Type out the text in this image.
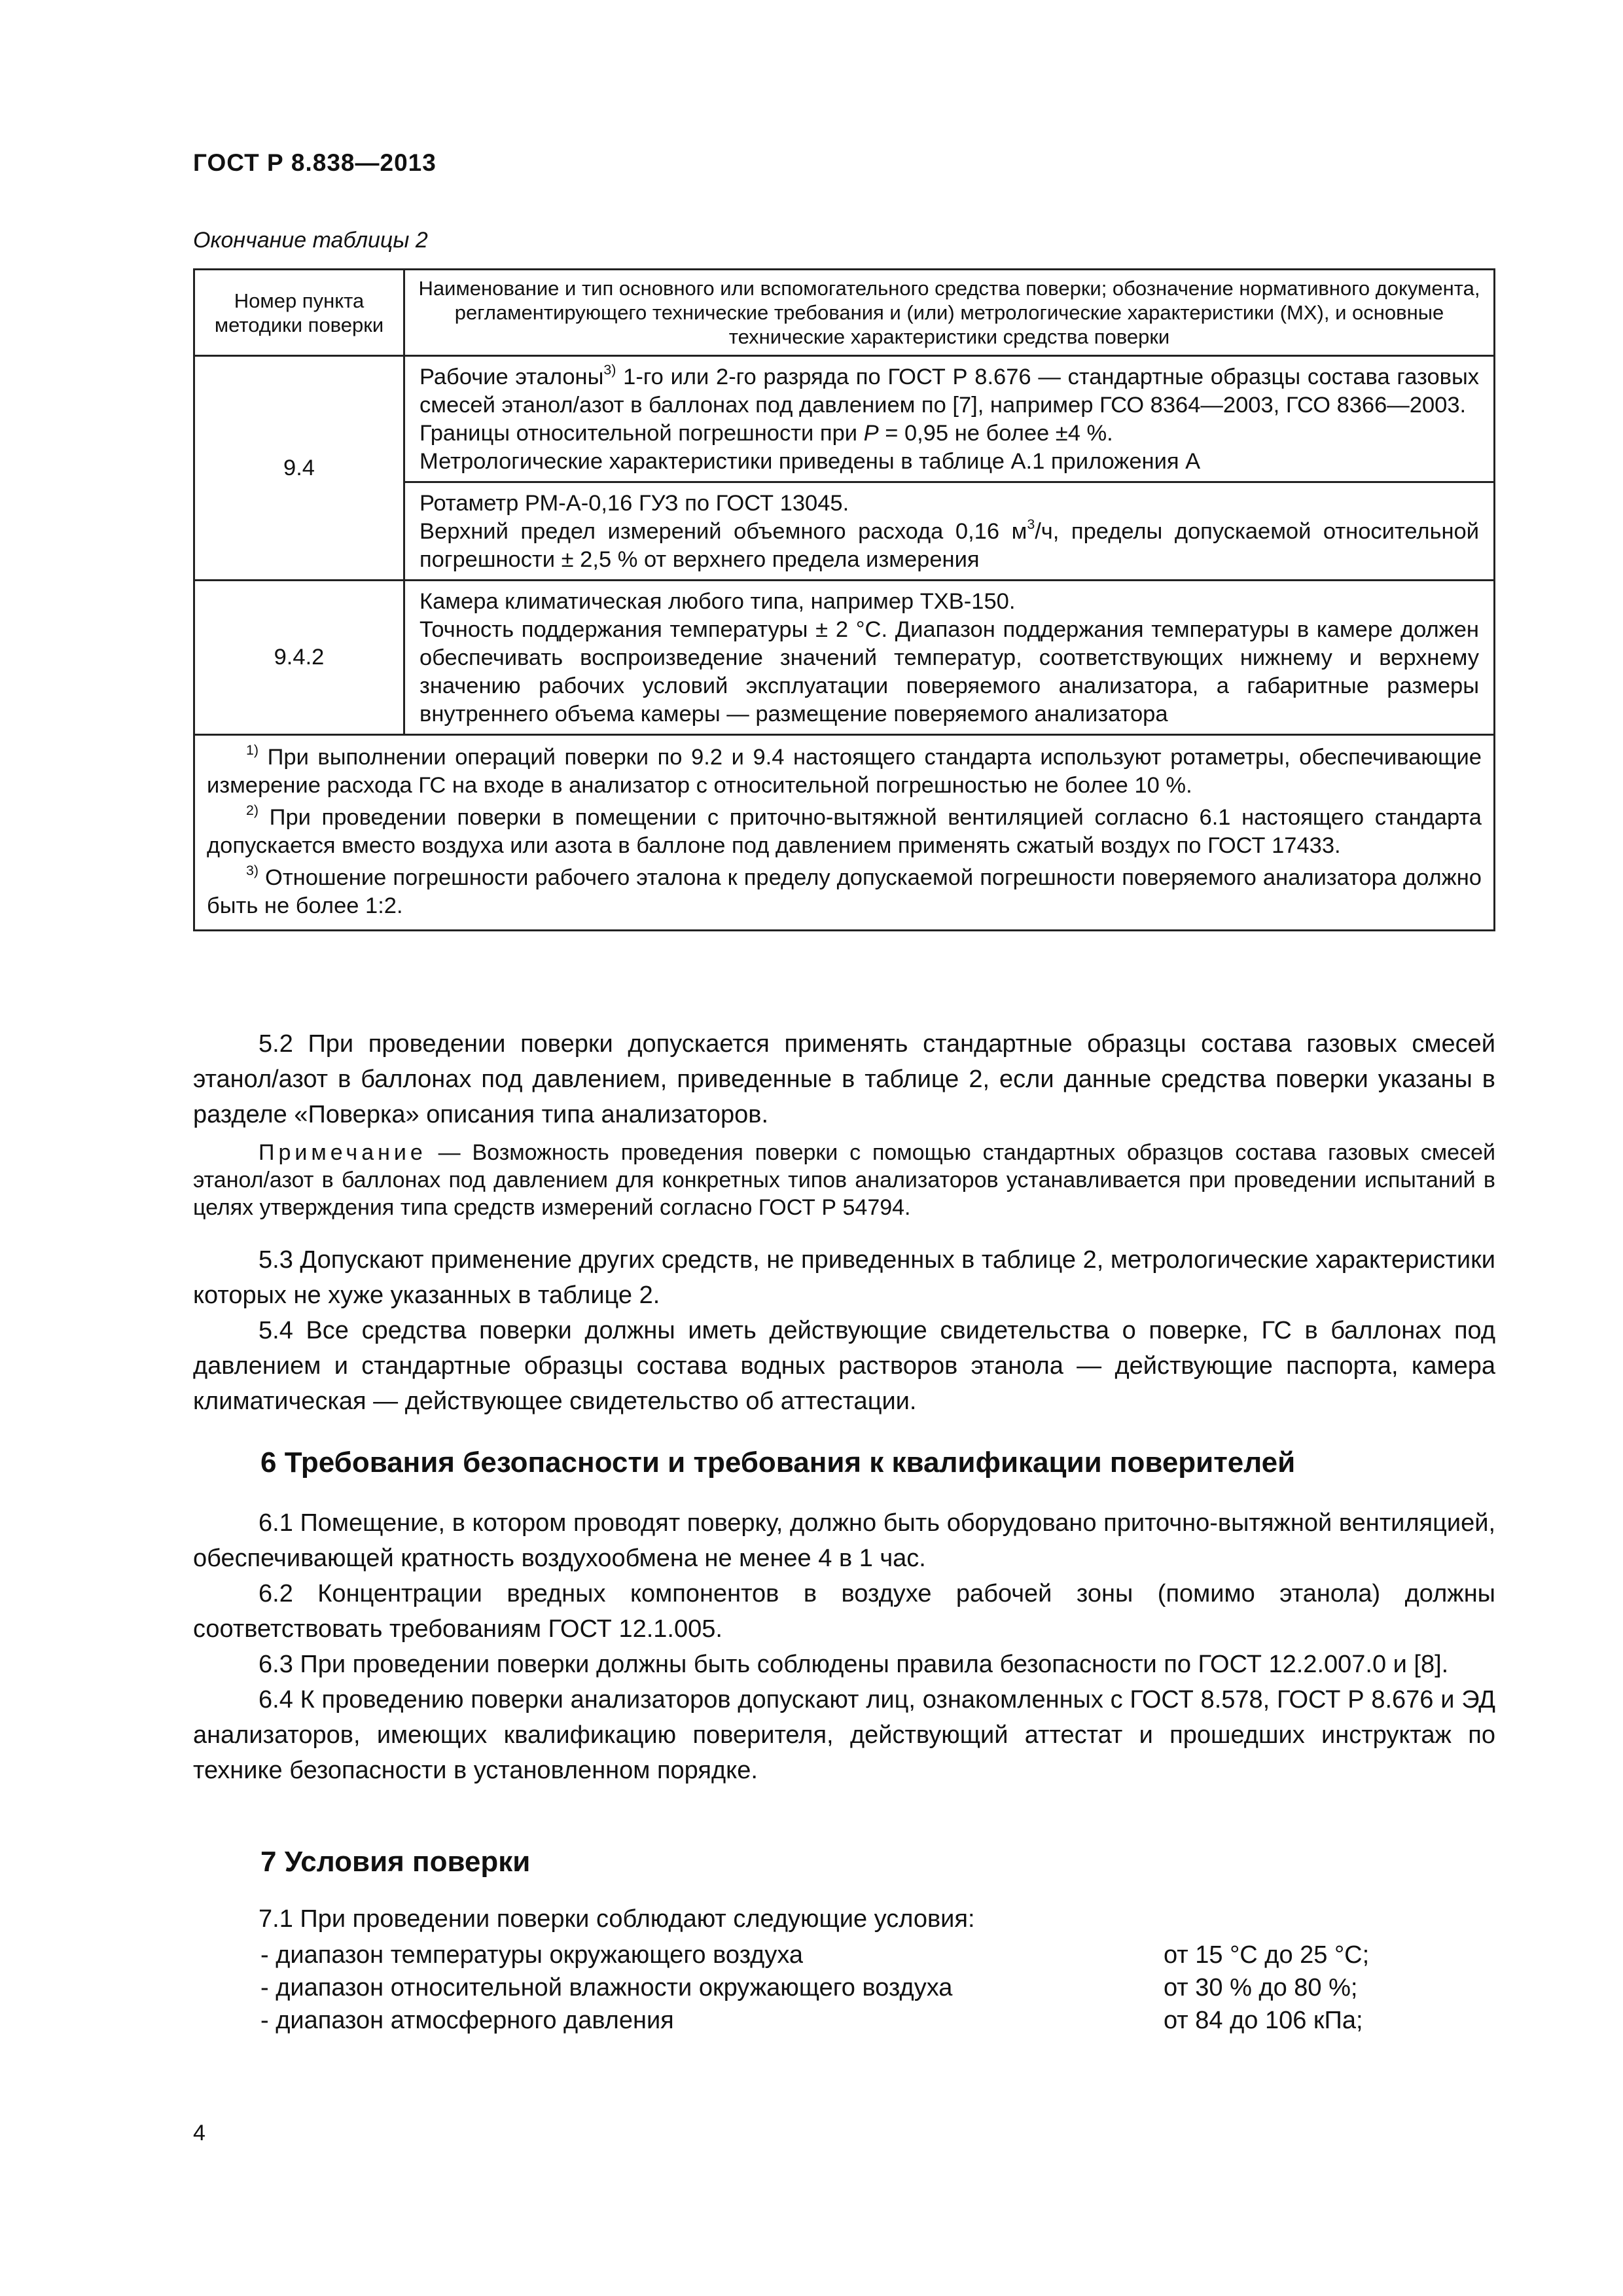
ГОСТ Р 8.838—2013
Окончание таблицы 2
Номер пункта методики поверки	Наименование и тип основного или вспомогательного средства поверки; обозначение нормативного документа, регламентирующего технические требования и (или) метрологические характеристики (МХ), и основные технические характеристики средства поверки
9.4	Рабочие эталоны$^{3)}$ 1-го или 2-го разряда по ГОСТ Р 8.676 — стандартные образцы состава газовых смесей этанол/азот в баллонах под давлением по [7], например ГСО 8364—2003, ГСО 8366—2003.
Границы относительной погрешности при P = 0,95 не более ±4 %.
Метрологические характеристики приведены в таблице А.1 приложения А

	Ротаметр РМ-А-0,16 ГУЗ по ГОСТ 13045.
Верхний предел измерений объемного расхода 0,16 $м^3/ч$, пределы допускаемой относительной погрешности ± 2,5 % от верхнего предела измерения

9.4.2	Камера климатическая любого типа, например ТХВ-150.
Точность поддержания температуры ± 2 °С. Диапазон поддержания температуры в камере должен обеспечивать воспроизведение значений температур, соответствующих нижнему и верхнему значению рабочих условий эксплуатации поверяемого анализатора, а габаритные размеры внутреннего объема камеры — размещение поверяемого анализатора

$^{1)}$ При выполнении операций поверки по 9.2 и 9.4 настоящего стандарта используют ротаметры, обеспечивающие измерение расхода ГС на входе в анализатор с относительной погрешностью не более 10 %.
$^{2)}$ При проведении поверки в помещении с приточно-вытяжной вентиляцией согласно 6.1 настоящего стандарта допускается вместо воздуха или азота в баллоне под давлением применять сжатый воздух по ГОСТ 17433.
$^{3)}$ Отношение погрешности рабочего эталона к пределу допускаемой погрешности поверяемого анализатора должно быть не более 1:2.	

5.2 При проведении поверки допускается применять стандартные образцы состава газовых смесей этанол/азот в баллонах под давлением, приведенные в таблице 2, если данные средства поверки указаны в разделе «Поверка» описания типа анализаторов.

Примечание — Возможность проведения поверки с помощью стандартных образцов состава газовых смесей этанол/азот в баллонах под давлением для конкретных типов анализаторов устанавливается при проведении испытаний в целях утверждения типа средств измерений согласно ГОСТ Р 54794.

5.3 Допускают применение других средств, не приведенных в таблице 2, метрологические характеристики которых не хуже указанных в таблице 2.

5.4 Все средства поверки должны иметь действующие свидетельства о поверке, ГС в баллонах под давлением и стандартные образцы состава водных растворов этанола — действующие паспорта, камера климатическая — действующее свидетельство об аттестации.

6 Требования безопасности и требования к квалификации поверителей

6.1 Помещение, в котором проводят поверку, должно быть оборудовано приточно-вытяжной вентиляцией, обеспечивающей кратность воздухообмена не менее 4 в 1 час.

6.2 Концентрации вредных компонентов в воздухе рабочей зоны (помимо этанола) должны соответствовать требованиям ГОСТ 12.1.005.

6.3 При проведении поверки должны быть соблюдены правила безопасности по ГОСТ 12.2.007.0 и [8].

6.4 К проведению поверки анализаторов допускают лиц, ознакомленных с ГОСТ 8.578, ГОСТ Р 8.676 и ЭД анализаторов, имеющих квалификацию поверителя, действующий аттестат и прошедших инструктаж по технике безопасности в установленном порядке.

7 Условия поверки

7.1 При проведении поверки соблюдают следующие условия:

- диапазон температуры окружающего воздуха	от 15 °С до 25 °С;
- диапазон относительной влажности окружающего воздуха	от 30 % до 80 %;
- диапазон атмосферного давления	от 84 до 106 кПа;
4
